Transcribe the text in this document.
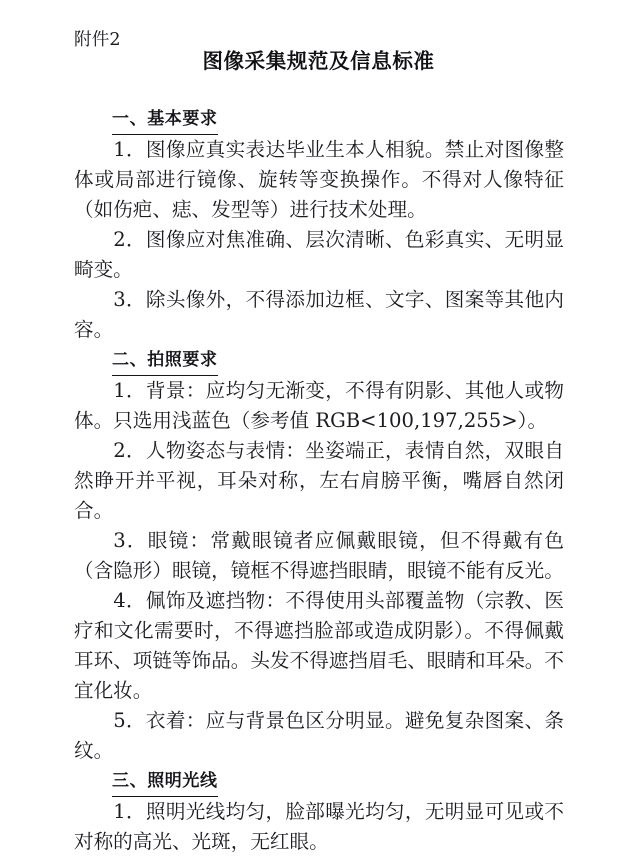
附件2
图像采集规范及信息标准
一、基本要求

1．图像应真实表达毕业生本人相貌。禁止对图像整体或局部进行镜像、旋转等变换操作。不得对人像特征（如伤疤、痣、发型等）进行技术处理。

2．图像应对焦准确、层次清晰、色彩真实、无明显畸变。

3．除头像外，不得添加边框、文字、图案等其他内容。

二、拍照要求

1．背景：应均匀无渐变，不得有阴影、其他人或物体。只选用浅蓝色（参考值 RGB<100,197,255>）。

2．人物姿态与表情：坐姿端正，表情自然，双眼自然睁开并平视，耳朵对称，左右肩膀平衡，嘴唇自然闭合。

3．眼镜：常戴眼镜者应佩戴眼镜，但不得戴有色（含隐形）眼镜，镜框不得遮挡眼睛，眼镜不能有反光。

4．佩饰及遮挡物：不得使用头部覆盖物（宗教、医疗和文化需要时，不得遮挡脸部或造成阴影）。不得佩戴耳环、项链等饰品。头发不得遮挡眉毛、眼睛和耳朵。不宜化妆。

5．衣着：应与背景色区分明显。避免复杂图案、条纹。

三、照明光线

1．照明光线均匀，脸部曝光均匀，无明显可见或不对称的高光、光斑，无红眼。
